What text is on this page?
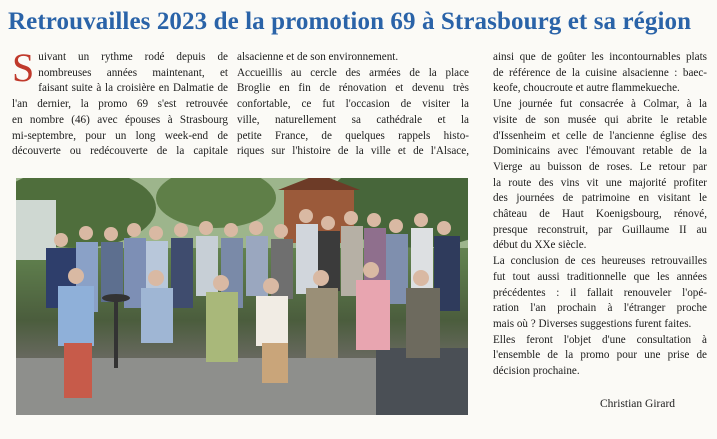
Retrouvailles 2023 de la promotion 69 à Strasbourg et sa région

S uivant un rythme rodé depuis de
nombreuses années maintenant, et

faisant suite à la croisière en Dalmatie de

l'an dernier, la promo 69 s'est retrouvée

en nombre (46) avec épouses à Strasbourg

mi-septembre, pour un long week-end de

découverte ou redécouverte de la capitale

alsacienne et de son environnement.

Accueillis au cercle des armées de la place

Broglie en fin de rénovation et devenu très

confortable, ce fut l'occasion de visiter la

ville, naturellement sa cathédrale et la

petite France, de quelques rappels histo-

riques sur l'histoire de la ville et de l'Alsace,

ainsi que de goûter les incontournables plats

de référence de la cuisine alsacienne : baec-

keofe, choucroute et autre flammekueche.

Une journée fut consacrée à Colmar, à la

visite de son musée qui abrite le retable

d'Issenheim et celle de l'ancienne église des

Dominicains avec l'émouvant retable de la

Vierge au buisson de roses. Le retour par

la route des vins vit une majorité profiter

des journées de patrimoine en visitant le

château de Haut Koenigsbourg, rénové,

presque reconstruit, par Guillaume II au

début du XXe siècle.

La conclusion de ces heureuses retrouvailles

fut tout aussi traditionnelle que les années

précédentes : il fallait renouveler l'opé-

ration l'an prochain à l'étranger proche

mais où ? Diverses suggestions furent faites.

Elles feront l'objet d'une consultation à

l'ensemble de la promo pour une prise de

décision prochaine.

Christian Girard
